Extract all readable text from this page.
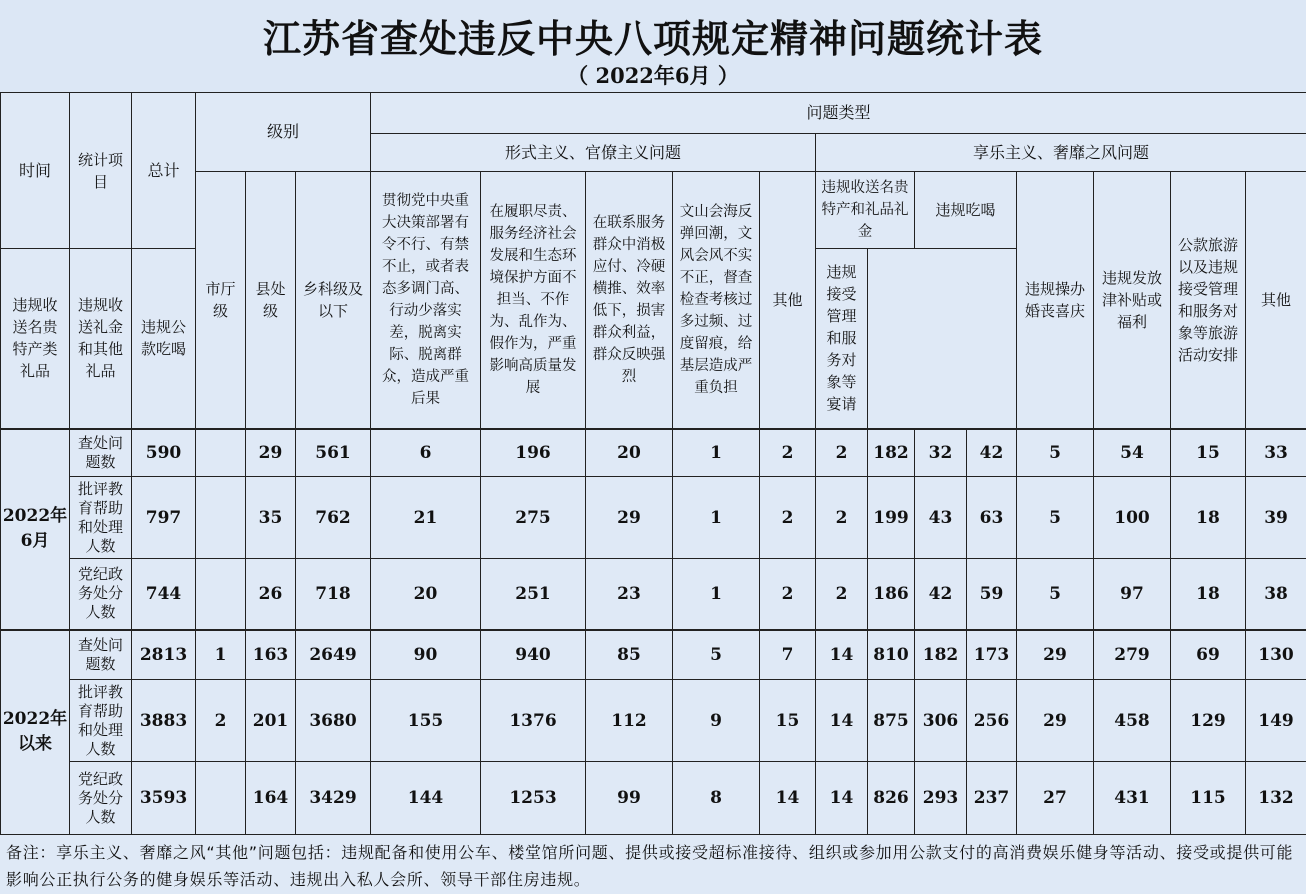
江苏省查处违反中央八项规定精神问题统计表
（ 2022年6月 ）
时间	统计项目	总计	级别			问题类型												
						形式主义、官僚主义问题					享乐主义、奢靡之风问题							
			市厅级	县处级	乡科级及以下	贯彻党中央重大决策部署有令不行、有禁不止，或者表态多调门高、行动少落实差，脱离实际、脱离群众，造成严重后果	在履职尽责、服务经济社会发展和生态环境保护方面不担当、不作为、乱作为、假作为，严重影响高质量发展	在联系服务群众中消极应付、冷硬横推、效率低下，损害群众利益，群众反映强烈	文山会海反弹回潮，文风会风不实不正，督查检查考核过多过频、过度留痕，给基层造成严重负担	其他	违规收送名贵特产和礼品礼金		违规吃喝		违规操办婚丧喜庆	违规发放津补贴或福利	公款旅游以及违规接受管理和服务对象等旅游活动安排	其他
违规收送名贵特产类礼品	违规收送礼金和其他礼品	违规公款吃喝									违规接受管理和服务对象等宴请							
2022年6月	查处问题数	590		29	561	6	196	20	1	2	2	182	32	42	5	54	15	33
	批评教育帮助和处理人数	797		35	762	21	275	29	1	2	2	199	43	63	5	100	18	39
	党纪政务处分人数	744		26	718	20	251	23	1	2	2	186	42	59	5	97	18	38
2022年以来	查处问题数	2813	1	163	2649	90	940	85	5	7	14	810	182	173	29	279	69	130
	批评教育帮助和处理人数	3883	2	201	3680	155	1376	112	9	15	14	875	306	256	29	458	129	149
	党纪政务处分人数	3593		164	3429	144	1253	99	8	14	14	826	293	237	27	431	115	132
备注：享乐主义、奢靡之风“其他”问题包括：违规配备和使用公车、楼堂馆所问题、提供或接受超标准接待、组织或参加用公款支付的高消费娱乐健身等活动、接受或提供可能影响公正执行公务的健身娱乐等活动、违规出入私人会所、领导干部住房违规。
